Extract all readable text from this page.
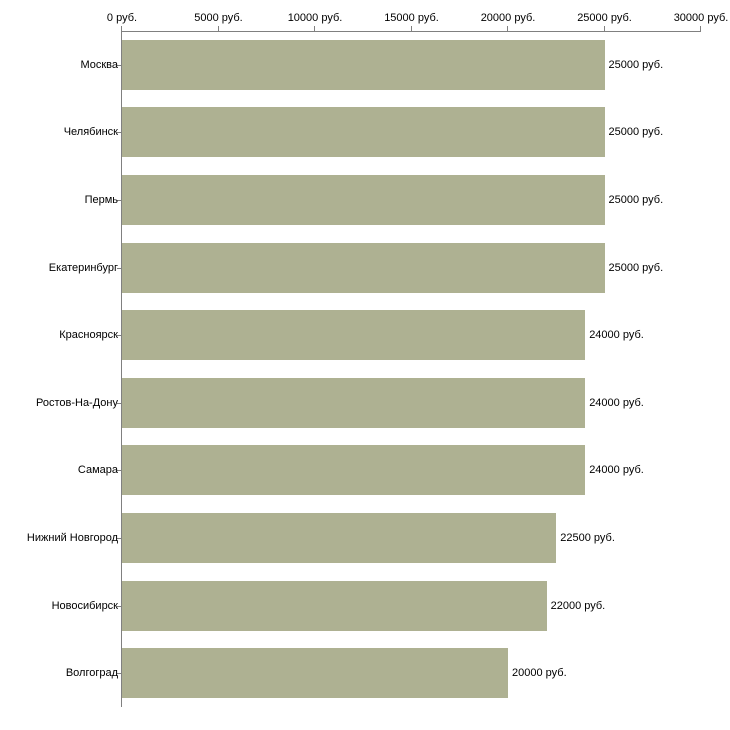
0 руб.	5000 руб.	10000 руб.	15000 руб.	20000 руб.	25000 руб.	30000 руб.
Москва	25000 руб.
Челябинск	25000 руб.
Пермь	25000 руб.
Екатеринбург	25000 руб.
Красноярск	24000 руб.
Ростов-На-Дону	24000 руб.
Самара	24000 руб.
Нижний Новгород	22500 руб.
Новосибирск	22000 руб.
Волгоград	20000 руб.
